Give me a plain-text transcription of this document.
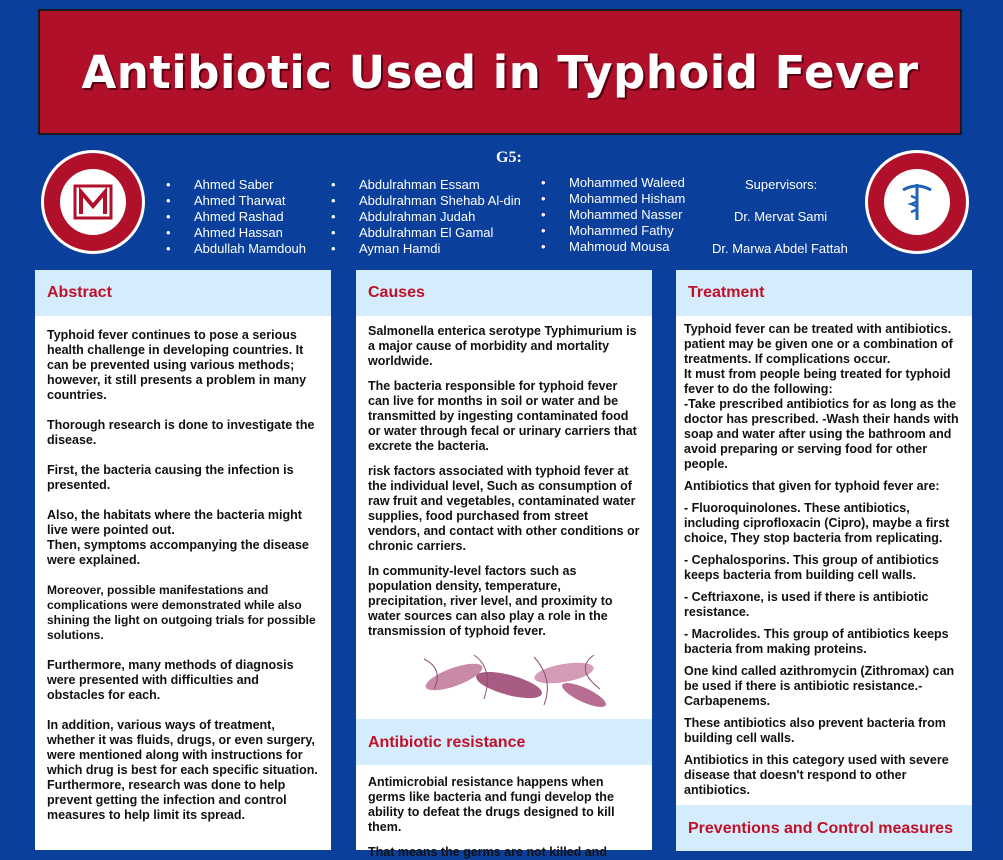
Antibiotic Used in Typhoid Fever
G5:
• Ahmed Saber
• Ahmed Tharwat
• Ahmed Rashad
• Ahmed Hassan
• Abdullah Mamdouh
• Abdulrahman Essam
• Abdulrahman Shehab Al-din
• Abdulrahman Judah
• Abdulrahman El Gamal
• Ayman Hamdi
• Mohammed Waleed
• Mohammed Hisham
• Mohammed Nasser
• Mohammed Fathy
• Mahmoud Mousa
Supervisors:
Dr. Mervat Sami
Dr. Marwa Abdel Fattah
Abstract

Typhoid fever continues to pose a serious health challenge in developing countries. It can be prevented using various methods; however, it still presents a problem in many countries.

Thorough research is done to investigate the disease.

First, the bacteria causing the infection is presented.

Also, the habitats where the bacteria might live were pointed out.
Then, symptoms accompanying the disease were explained.

Moreover, possible manifestations and complications were demonstrated while also shining the light on outgoing trials for possible solutions.

Furthermore, many methods of diagnosis were presented with difficulties and obstacles for each.

In addition, various ways of treatment, whether it was fluids, drugs, or even surgery, were mentioned along with instructions for which drug is best for each specific situation. Furthermore, research was done to help prevent getting the infection and control measures to help limit its spread.

Causes

Salmonella enterica serotype Typhimurium is a major cause of morbidity and mortality worldwide.

The bacteria responsible for typhoid fever can live for months in soil or water and be transmitted by ingesting contaminated food or water through fecal or urinary carriers that excrete the bacteria.

risk factors associated with typhoid fever at the individual level, Such as consumption of raw fruit and vegetables, contaminated water supplies, food purchased from street vendors, and contact with other conditions or chronic carriers.

In community-level factors such as population density, temperature, precipitation, river level, and proximity to water sources can also play a role in the transmission of typhoid fever.

Antibiotic resistance

Antimicrobial resistance happens when germs like bacteria and fungi develop the ability to defeat the drugs designed to kill them.

That means the germs are not killed and

Treatment

Typhoid fever can be treated with antibiotics. patient may be given one or a combination of treatments. If complications occur.
It must from people being treated for typhoid fever to do the following:
-Take prescribed antibiotics for as long as the doctor has prescribed. -Wash their hands with soap and water after using the bathroom and avoid preparing or serving food for other people.

Antibiotics that given for typhoid fever are:

- Fluoroquinolones. These antibiotics, including ciprofloxacin (Cipro), maybe a first choice, They stop bacteria from replicating.

- Cephalosporins. This group of antibiotics keeps bacteria from building cell walls.

- Ceftriaxone, is used if there is antibiotic resistance.

- Macrolides. This group of antibiotics keeps bacteria from making proteins.

One kind called azithromycin (Zithromax) can be used if there is antibiotic resistance.- Carbapenems.

These antibiotics also prevent bacteria from building cell walls.

Antibiotics in this category used with severe disease that doesn't respond to other antibiotics.

Preventions and Control measures
